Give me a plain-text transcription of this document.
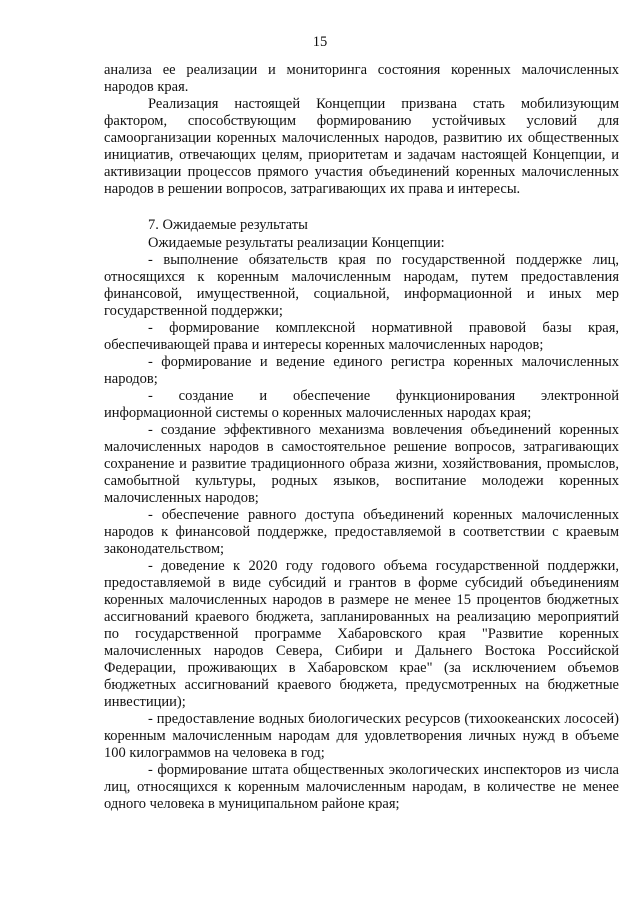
15

анализа ее реализации и мониторинга состояния коренных малочисленных народов края.

Реализация настоящей Концепции призвана стать мобилизующим фактором, способствующим формированию устойчивых условий для самоорганизации коренных малочисленных народов, развитию их общественных инициатив, отвечающих целям, приоритетам и задачам настоящей Концепции, и активизации процессов прямого участия объединений коренных малочисленных народов в решении вопросов, затрагивающих их права и интересы.

7. Ожидаемые результаты

Ожидаемые результаты реализации Концепции:

- выполнение обязательств края по государственной поддержке лиц, относящихся к коренным малочисленным народам, путем предоставления финансовой, имущественной, социальной, информационной и иных мер государственной поддержки;

- формирование комплексной нормативной правовой базы края, обеспечивающей права и интересы коренных малочисленных народов;

- формирование и ведение единого регистра коренных малочисленных народов;

- создание и обеспечение функционирования электронной информационной системы о коренных малочисленных народах края;

- создание эффективного механизма вовлечения объединений коренных малочисленных народов в самостоятельное решение вопросов, затрагивающих сохранение и развитие традиционного образа жизни, хозяйствования, промыслов, самобытной культуры, родных языков, воспитание молодежи коренных малочисленных народов;

- обеспечение равного доступа объединений коренных малочисленных народов к финансовой поддержке, предоставляемой в соответствии с краевым законодательством;

- доведение к 2020 году годового объема государственной поддержки, предоставляемой в виде субсидий и грантов в форме субсидий объединениям коренных малочисленных народов в размере не менее 15 процентов бюджетных ассигнований краевого бюджета, запланированных на реализацию мероприятий по государственной программе Хабаровского края "Развитие коренных малочисленных народов Севера, Сибири и Дальнего Востока Российской Федерации, проживающих в Хабаровском крае" (за исключением объемов бюджетных ассигнований краевого бюджета, предусмотренных на бюджетные инвестиции);

- предоставление водных биологических ресурсов (тихоокеанских лососей) коренным малочисленным народам для удовлетворения личных нужд в объеме 100 килограммов на человека в год;

- формирование штата общественных экологических инспекторов из числа лиц, относящихся к коренным малочисленным народам, в количестве не менее одного человека в муниципальном районе края;
